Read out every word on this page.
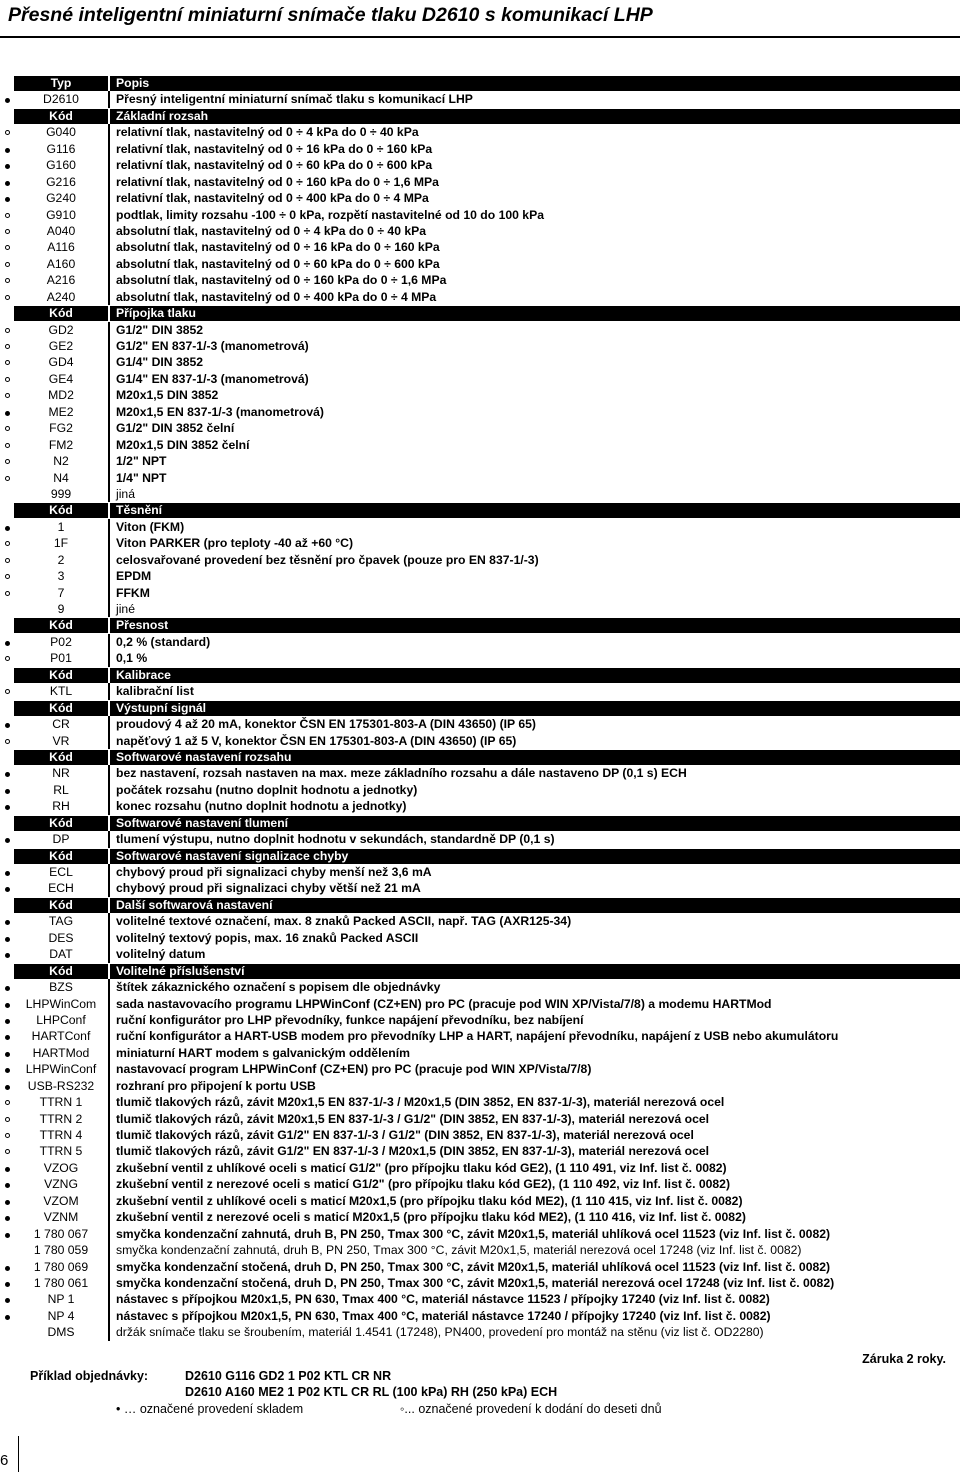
Přesné inteligentní miniaturní snímače tlaku D2610 s komunikací LHP
Typ	Popis
D2610	Přesný inteligentní miniaturní snímač tlaku s komunikací LHP
Kód	Základní rozsah
G040	relativní tlak, nastavitelný od 0 ÷ 4 kPa do 0 ÷ 40 kPa
G116	relativní tlak, nastavitelný od 0 ÷ 16 kPa do 0 ÷ 160 kPa
G160	relativní tlak, nastavitelný od 0 ÷ 60 kPa do 0 ÷ 600 kPa
G216	relativní tlak, nastavitelný od 0 ÷ 160 kPa do 0 ÷ 1,6 MPa
G240	relativní tlak, nastavitelný od 0 ÷ 400 kPa do 0 ÷ 4 MPa
G910	podtlak, limity rozsahu -100 ÷ 0 kPa, rozpětí nastavitelné od 10 do 100 kPa
A040	absolutní tlak, nastavitelný od 0 ÷ 4 kPa do 0 ÷ 40 kPa
A116	absolutní tlak, nastavitelný od 0 ÷ 16 kPa do 0 ÷ 160 kPa
A160	absolutní tlak, nastavitelný od 0 ÷ 60 kPa do 0 ÷ 600 kPa
A216	absolutní tlak, nastavitelný od 0 ÷ 160 kPa do 0 ÷ 1,6 MPa
A240	absolutní tlak, nastavitelný od 0 ÷ 400 kPa do 0 ÷ 4 MPa
Kód	Přípojka tlaku
GD2	G1/2" DIN 3852
GE2	G1/2" EN 837-1/-3 (manometrová)
GD4	G1/4" DIN 3852
GE4	G1/4" EN 837-1/-3 (manometrová)
MD2	M20x1,5 DIN 3852
ME2	M20x1,5 EN 837-1/-3 (manometrová)
FG2	G1/2" DIN 3852 čelní
FM2	M20x1,5 DIN 3852 čelní
N2	1/2" NPT
N4	1/4" NPT
999	jiná
Kód	Těsnění
1	Viton (FKM)
1F	Viton PARKER (pro teploty -40 až +60 °C)
2	celosvařované provedení bez těsnění pro čpavek (pouze pro EN 837-1/-3)
3	EPDM
7	FFKM
9	jiné
Kód	Přesnost
P02	0,2 % (standard)
P01	0,1 %
Kód	Kalibrace
KTL	kalibrační list
Kód	Výstupní signál
CR	proudový 4 až 20 mA, konektor ČSN EN 175301-803-A (DIN 43650) (IP 65)
VR	napěťový 1 až 5 V, konektor ČSN EN 175301-803-A (DIN 43650) (IP 65)
Kód	Softwarové nastavení rozsahu
NR	bez nastavení, rozsah nastaven na max. meze základního rozsahu a dále nastaveno DP (0,1 s) ECH
RL	počátek rozsahu (nutno doplnit hodnotu a jednotky)
RH	konec rozsahu (nutno doplnit hodnotu a jednotky)
Kód	Softwarové nastavení tlumení
DP	tlumení výstupu, nutno doplnit hodnotu v sekundách, standardně DP (0,1 s)
Kód	Softwarové nastavení signalizace chyby
ECL	chybový proud při signalizaci chyby menší než 3,6 mA
ECH	chybový proud při signalizaci chyby větší než 21 mA
Kód	Další softwarová nastavení
TAG	volitelné textové označení, max. 8 znaků Packed ASCII, např. TAG (AXR125-34)
DES	volitelný textový popis, max. 16 znaků Packed ASCII
DAT	volitelný datum
Kód	Volitelné příslušenství
BZS	štítek zákaznického označení s popisem dle objednávky
LHPWinCom	sada nastavovacího programu LHPWinConf (CZ+EN) pro PC (pracuje pod WIN XP/Vista/7/8) a modemu HARTMod
LHPConf	ruční konfigurátor pro LHP převodníky, funkce napájení převodníku, bez nabíjení
HARTConf	ruční konfigurátor a HART-USB modem pro převodníky LHP a HART, napájení převodníku, napájení z USB nebo akumulátoru
HARTMod	miniaturní HART modem s galvanickým oddělením
LHPWinConf	nastavovací program LHPWinConf (CZ+EN) pro PC (pracuje pod WIN XP/Vista/7/8)
USB-RS232	rozhraní pro připojení k portu USB
TTRN 1	tlumič tlakových rázů, závit M20x1,5 EN 837-1/-3 / M20x1,5 (DIN 3852, EN 837-1/-3), materiál nerezová ocel
TTRN 2	tlumič tlakových rázů, závit M20x1,5 EN 837-1/-3 / G1/2" (DIN 3852, EN 837-1/-3), materiál nerezová ocel
TTRN 4	tlumič tlakových rázů, závit G1/2" EN 837-1/-3 / G1/2" (DIN 3852, EN 837-1/-3), materiál nerezová ocel
TTRN 5	tlumič tlakových rázů, závit G1/2" EN 837-1/-3 / M20x1,5 (DIN 3852, EN 837-1/-3), materiál nerezová ocel
VZOG	zkušební ventil z uhlíkové oceli s maticí G1/2" (pro přípojku tlaku kód GE2), (1 110 491, viz Inf. list č. 0082)
VZNG	zkušební ventil z nerezové oceli s maticí G1/2" (pro přípojku tlaku kód GE2), (1 110 492, viz Inf. list č. 0082)
VZOM	zkušební ventil z uhlíkové oceli s maticí M20x1,5 (pro přípojku tlaku kód ME2), (1 110 415, viz Inf. list č. 0082)
VZNM	zkušební ventil z nerezové oceli s maticí M20x1,5 (pro přípojku tlaku kód ME2), (1 110 416, viz Inf. list č. 0082)
1 780 067	smyčka kondenzační zahnutá, druh B, PN 250, Tmax 300 °C, závit M20x1,5, materiál uhlíková ocel 11523 (viz Inf. list č. 0082)
1 780 059	smyčka kondenzační zahnutá, druh B, PN 250, Tmax 300 °C, závit M20x1,5, materiál nerezová ocel 17248 (viz Inf. list č. 0082)
1 780 069	smyčka kondenzační stočená, druh D, PN 250, Tmax 300 °C, závit M20x1,5, materiál uhlíková ocel 11523 (viz Inf. list č. 0082)
1 780 061	smyčka kondenzační stočená, druh D, PN 250, Tmax 300 °C, závit M20x1,5, materiál nerezová ocel 17248 (viz Inf. list č. 0082)
NP 1	nástavec s přípojkou M20x1,5, PN 630, Tmax 400 °C, materiál nástavce 11523 / přípojky 17240 (viz Inf. list č. 0082)
NP 4	nástavec s přípojkou M20x1,5, PN 630, Tmax 400 °C, materiál nástavce 17240 / přípojky 17240 (viz Inf. list č. 0082)
DMS	držák snímače tlaku se šroubením, materiál 1.4541 (17248), PN400, provedení pro montáž na stěnu (viz list č. OD2280)
Záruka 2 roky.
Příklad objednávky:	D2610 G116 GD2 1 P02 KTL CR NR
D2610 A160 ME2 1 P02 KTL CR RL (100 kPa) RH (250 kPa) ECH
• … označené provedení skladem	◦... označené provedení k dodání do deseti dnů
6
